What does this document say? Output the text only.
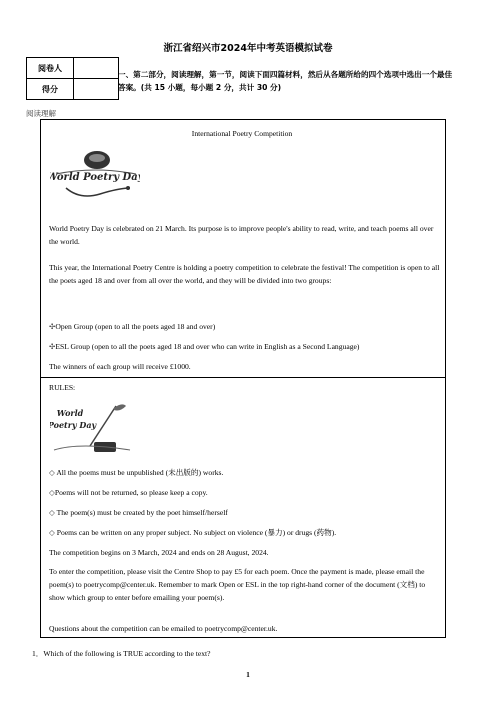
浙江省绍兴市2024年中考英语模拟试卷
阅卷人	
得分	
一、第二部分，阅读理解，第一节，阅读下面四篇材料，然后从各题所给的四个选项中选出一个最佳答案。(共 15 小题，每小题 2 分，共计 30 分)
阅读理解
International Poetry Competition
World Poetry Day
World Poetry Day is celebrated on 21 March. Its purpose is to improve people's ability to read, write, and teach poems all over the world.
This year, the International Poetry Centre is holding a poetry competition to celebrate the festival! The competition is open to all the poets aged 18 and over from all over the world, and they will be divided into two groups:
✣Open Group (open to all the poets aged 18 and over)
✣ESL Group (open to all the poets aged 18 and over who can write in English as a Second Language)
The winners of each group will receive £1000.
RULES:
World
Poetry Day
◇ All the poems must be unpublished (未出版的) works.
◇Poems will not be returned, so please keep a copy.
◇ The poem(s) must be created by the poet himself/herself
◇ Poems can be written on any proper subject. No subject on violence (暴力) or drugs (药物).
The competition begins on 3 March, 2024 and ends on 28 August, 2024.
To enter the competition, please visit the Centre Shop to pay £5 for each poem. Once the payment is made, please email the poem(s) to poetrycomp@center.uk. Remember to mark Open or ESL in the top right-hand corner of the document (文档) to show which group to enter before emailing your poem(s).
Questions about the competition can be emailed to poetrycomp@center.uk.
1．Which of the following is TRUE according to the text?
1
